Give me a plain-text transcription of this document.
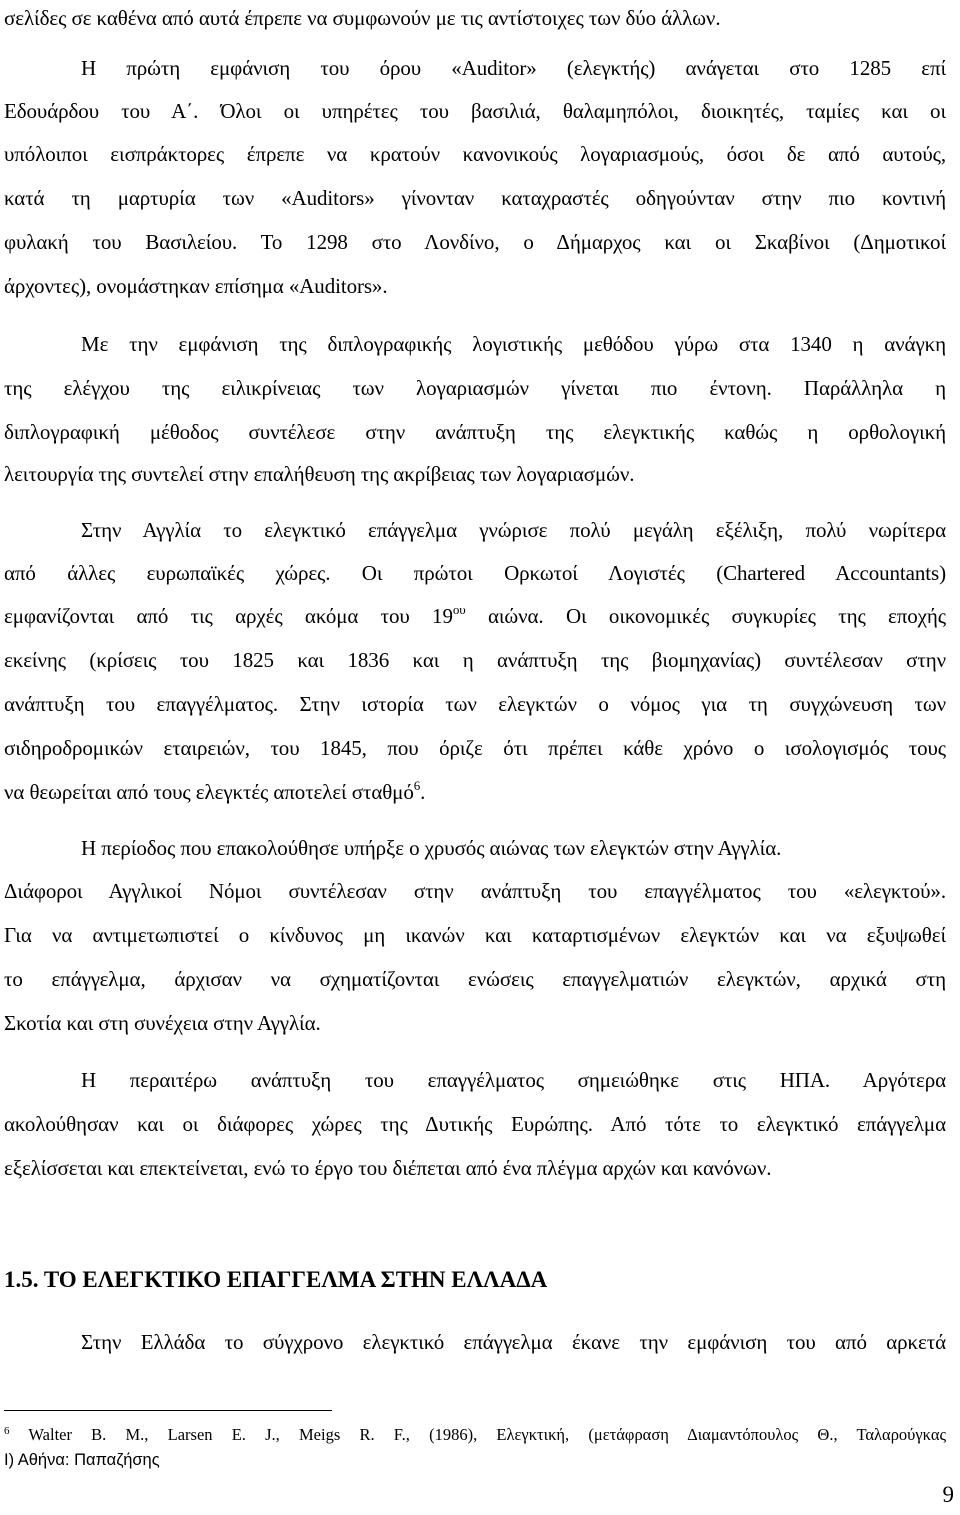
σελίδες σε καθένα από αυτά έπρεπε να συμφωνούν με τις αντίστοιχες των δύο άλλων.
Η πρώτη εμφάνιση του όρου «Auditor» (ελεγκτής) ανάγεται στο 1285 επί
Εδουάρδου του Α΄. Όλοι οι υπηρέτες του βασιλιά, θαλαμηπόλοι, διοικητές, ταμίες και οι
υπόλοιποι εισπράκτορες έπρεπε να κρατούν κανονικούς λογαριασμούς, όσοι δε από αυτούς,
κατά τη μαρτυρία των «Auditors» γίνονταν καταχραστές οδηγούνταν στην πιο κοντινή
φυλακή του Βασιλείου. Το 1298 στο Λονδίνο, ο Δήμαρχος και οι Σκαβίνοι (Δημοτικοί
άρχοντες), ονομάστηκαν επίσημα «Auditors».
Με την εμφάνιση της διπλογραφικής λογιστικής μεθόδου γύρω στα 1340 η ανάγκη
της ελέγχου της ειλικρίνειας των λογαριασμών γίνεται πιο έντονη. Παράλληλα η
διπλογραφική μέθοδος συντέλεσε στην ανάπτυξη της ελεγκτικής καθώς η ορθολογική
λειτουργία της συντελεί στην επαλήθευση της ακρίβειας των λογαριασμών.
Στην Αγγλία το ελεγκτικό επάγγελμα γνώρισε πολύ μεγάλη εξέλιξη, πολύ νωρίτερα
από άλλες ευρωπαϊκές χώρες. Οι πρώτοι Ορκωτοί Λογιστές (Chartered Accountants)
εμφανίζονται από τις αρχές ακόμα του $19^{o\upsilon}$ αιώνα. Οι οικονομικές συγκυρίες της εποχής
εκείνης (κρίσεις του 1825 και 1836 και η ανάπτυξη της βιομηχανίας) συντέλεσαν στην
ανάπτυξη του επαγγέλματος. Στην ιστορία των ελεγκτών ο νόμος για τη συγχώνευση των
σιδηροδρομικών εταιρειών, του 1845, που όριζε ότι πρέπει κάθε χρόνο ο ισολογισμός τους
να θεωρείται από τους ελεγκτές αποτελεί σταθμό$^6$.
Η περίοδος που επακολούθησε υπήρξε ο χρυσός αιώνας των ελεγκτών στην Αγγλία.
Διάφοροι Αγγλικοί Νόμοι συντέλεσαν στην ανάπτυξη του επαγγέλματος του «ελεγκτού».
Για να αντιμετωπιστεί ο κίνδυνος μη ικανών και καταρτισμένων ελεγκτών και να εξυψωθεί
το επάγγελμα, άρχισαν να σχηματίζονται ενώσεις επαγγελματιών ελεγκτών, αρχικά στη
Σκοτία και στη συνέχεια στην Αγγλία.
Η περαιτέρω ανάπτυξη του επαγγέλματος σημειώθηκε στις ΗΠΑ. Αργότερα
ακολούθησαν και οι διάφορες χώρες της Δυτικής Ευρώπης. Από τότε το ελεγκτικό επάγγελμα
εξελίσσεται και επεκτείνεται, ενώ το έργο του διέπεται από ένα πλέγμα αρχών και κανόνων.
1.5. ΤΟ ΕΛΕΓΚΤΙΚΟ ΕΠΑΓΓΕΛΜΑ ΣΤΗΝ ΕΛΛΑΔΑ
Στην Ελλάδα το σύγχρονο ελεγκτικό επάγγελμα έκανε την εμφάνιση του από αρκετά
$^6$ Walter B. M., Larsen E. J., Meigs R. F., (1986), Ελεγκτική, (μετάφραση Διαμαντόπουλος Θ., Ταλαρούγκας
Ι) Αθήνα: Παπαζήσης
9
